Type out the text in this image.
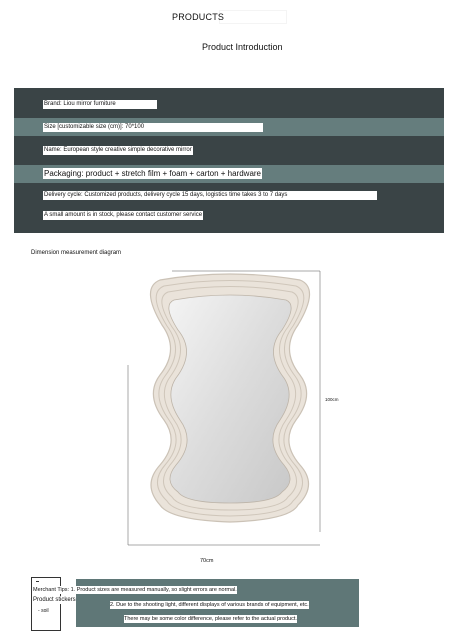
PRODUCTS
Product Introduction
Brand: Liou mirror furniture
Size [customizable size (cm)]: 70*100
Name: European style creative simple decorative mirror
Packaging: product + stretch film + foam + carton + hardware
Delivery cycle: Customized products, delivery cycle 15 days, logistics time takes 3 to 7 days
A small amount is in stock, please contact customer service
Dimension measurement diagram
100cm
70cm
Merchant Tips: 1. Product sizes are measured manually, so slight errors are normal.
Product stickers
- soil
2. Due to the shooting light, different displays of various brands of equipment, etc.
There may be some color difference, please refer to the actual product.
